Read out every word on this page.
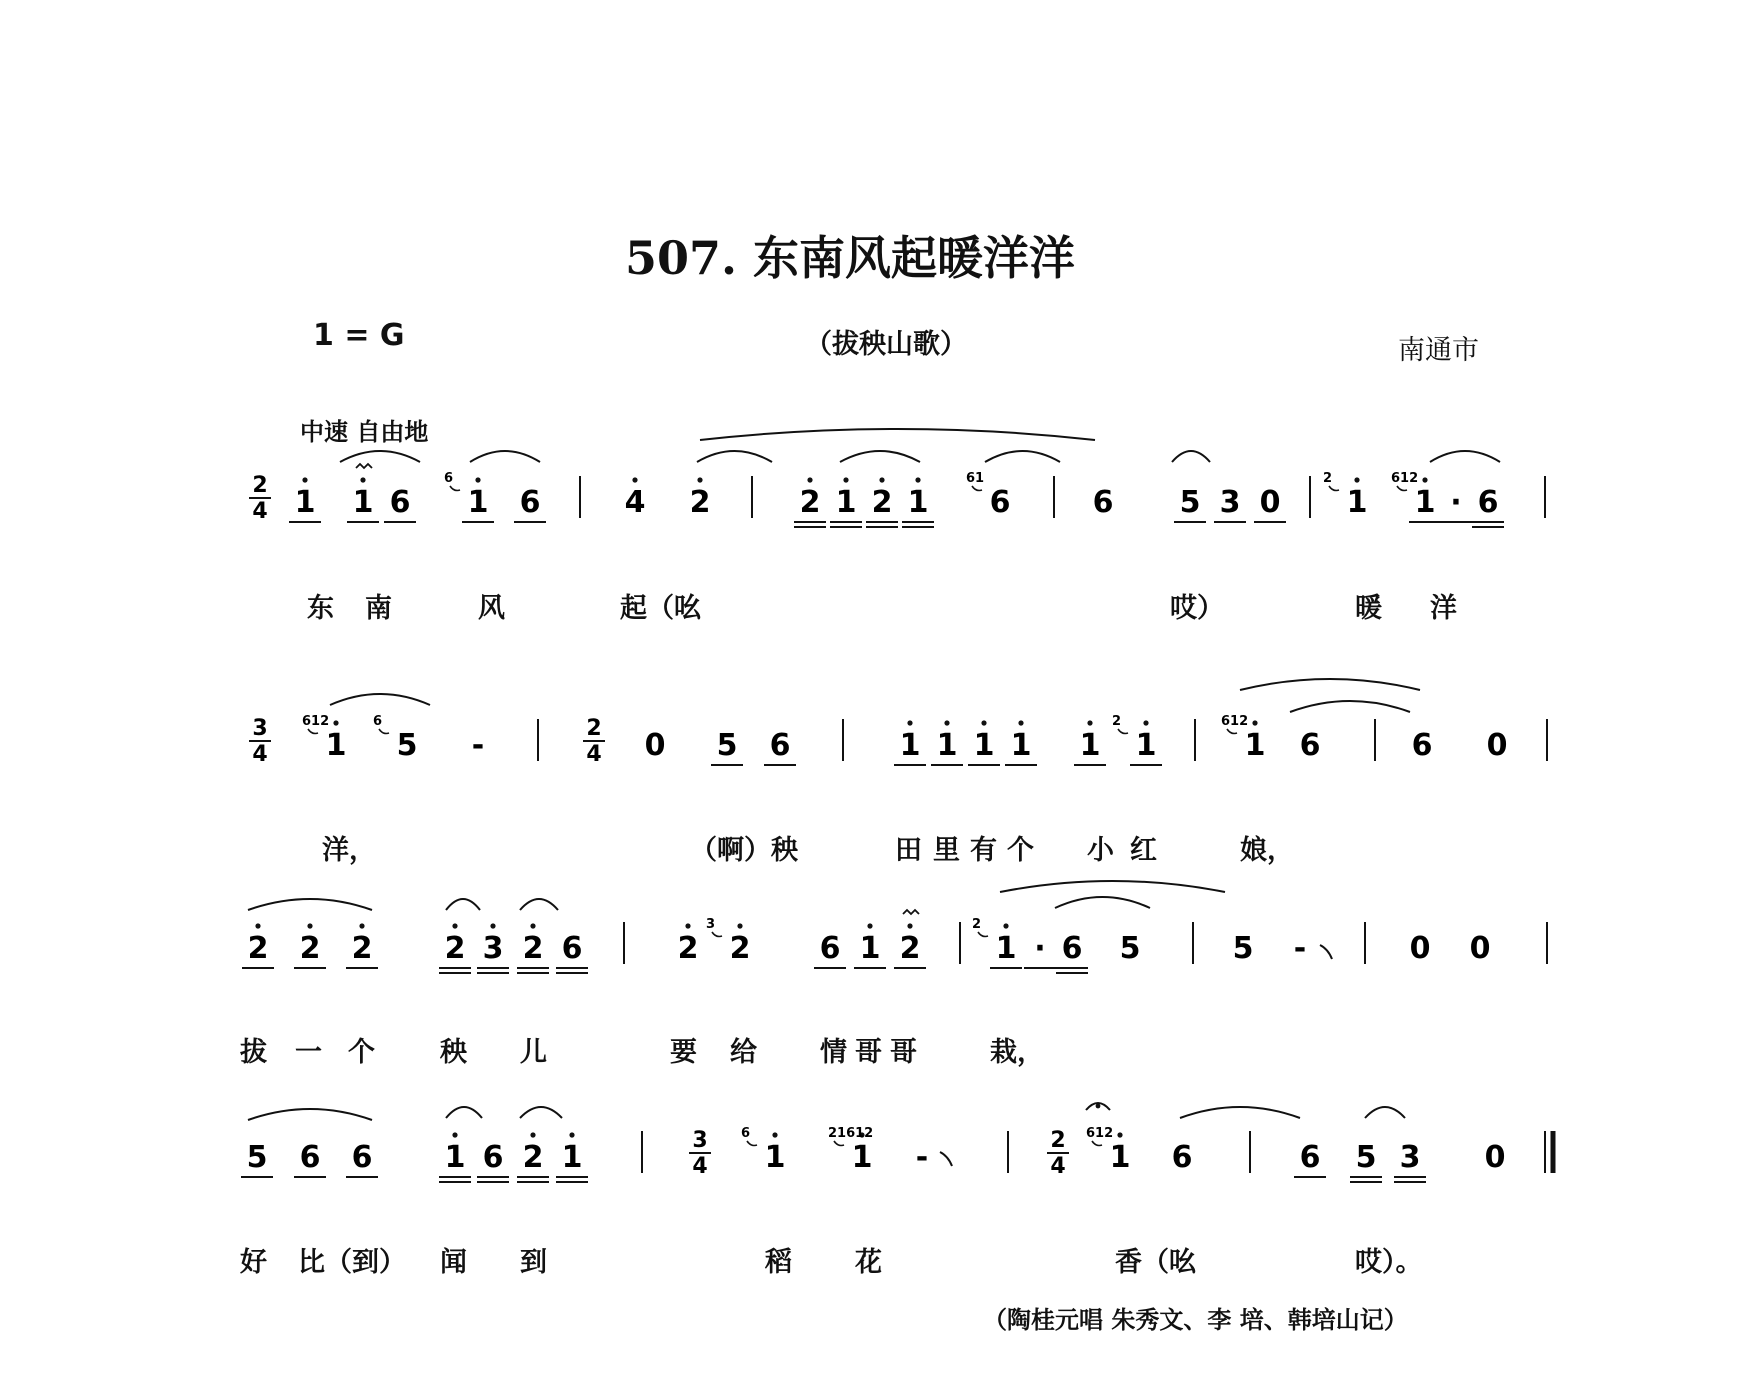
507. 东南风起暖洋洋
1 = G	（拔秧山歌）	南通市
中速 自由地
2
4 1 1 6 1
6
6	4 2	2 1 2 1 6
61
6 5 3 0 1
2
1
612
· 6
3
4 1
612
5
6
-	2
4 0 5 6	1 1 1 1 1 1
2
1
612
6	6 0
2 2 2 2 3 2 6	2 2
3
6 1 2	1
2
· 6 5	5 -	0 0
5 6 6 1 6 2 1	3
4 1
6
1
21612
-	2
4 1
612
6	6 5 3 0
东 南	风	起（吆	哎）	暖 洋
洋，	（啊）秧	田 里 有 个 小 红	娘，
拔 一 个 秧 儿	要 给 情 哥 哥	栽，
好 比（到） 闻 到	稻 花	香（吆	哎）。
（陶桂元唱 朱秀文、李 培、韩培山记）
